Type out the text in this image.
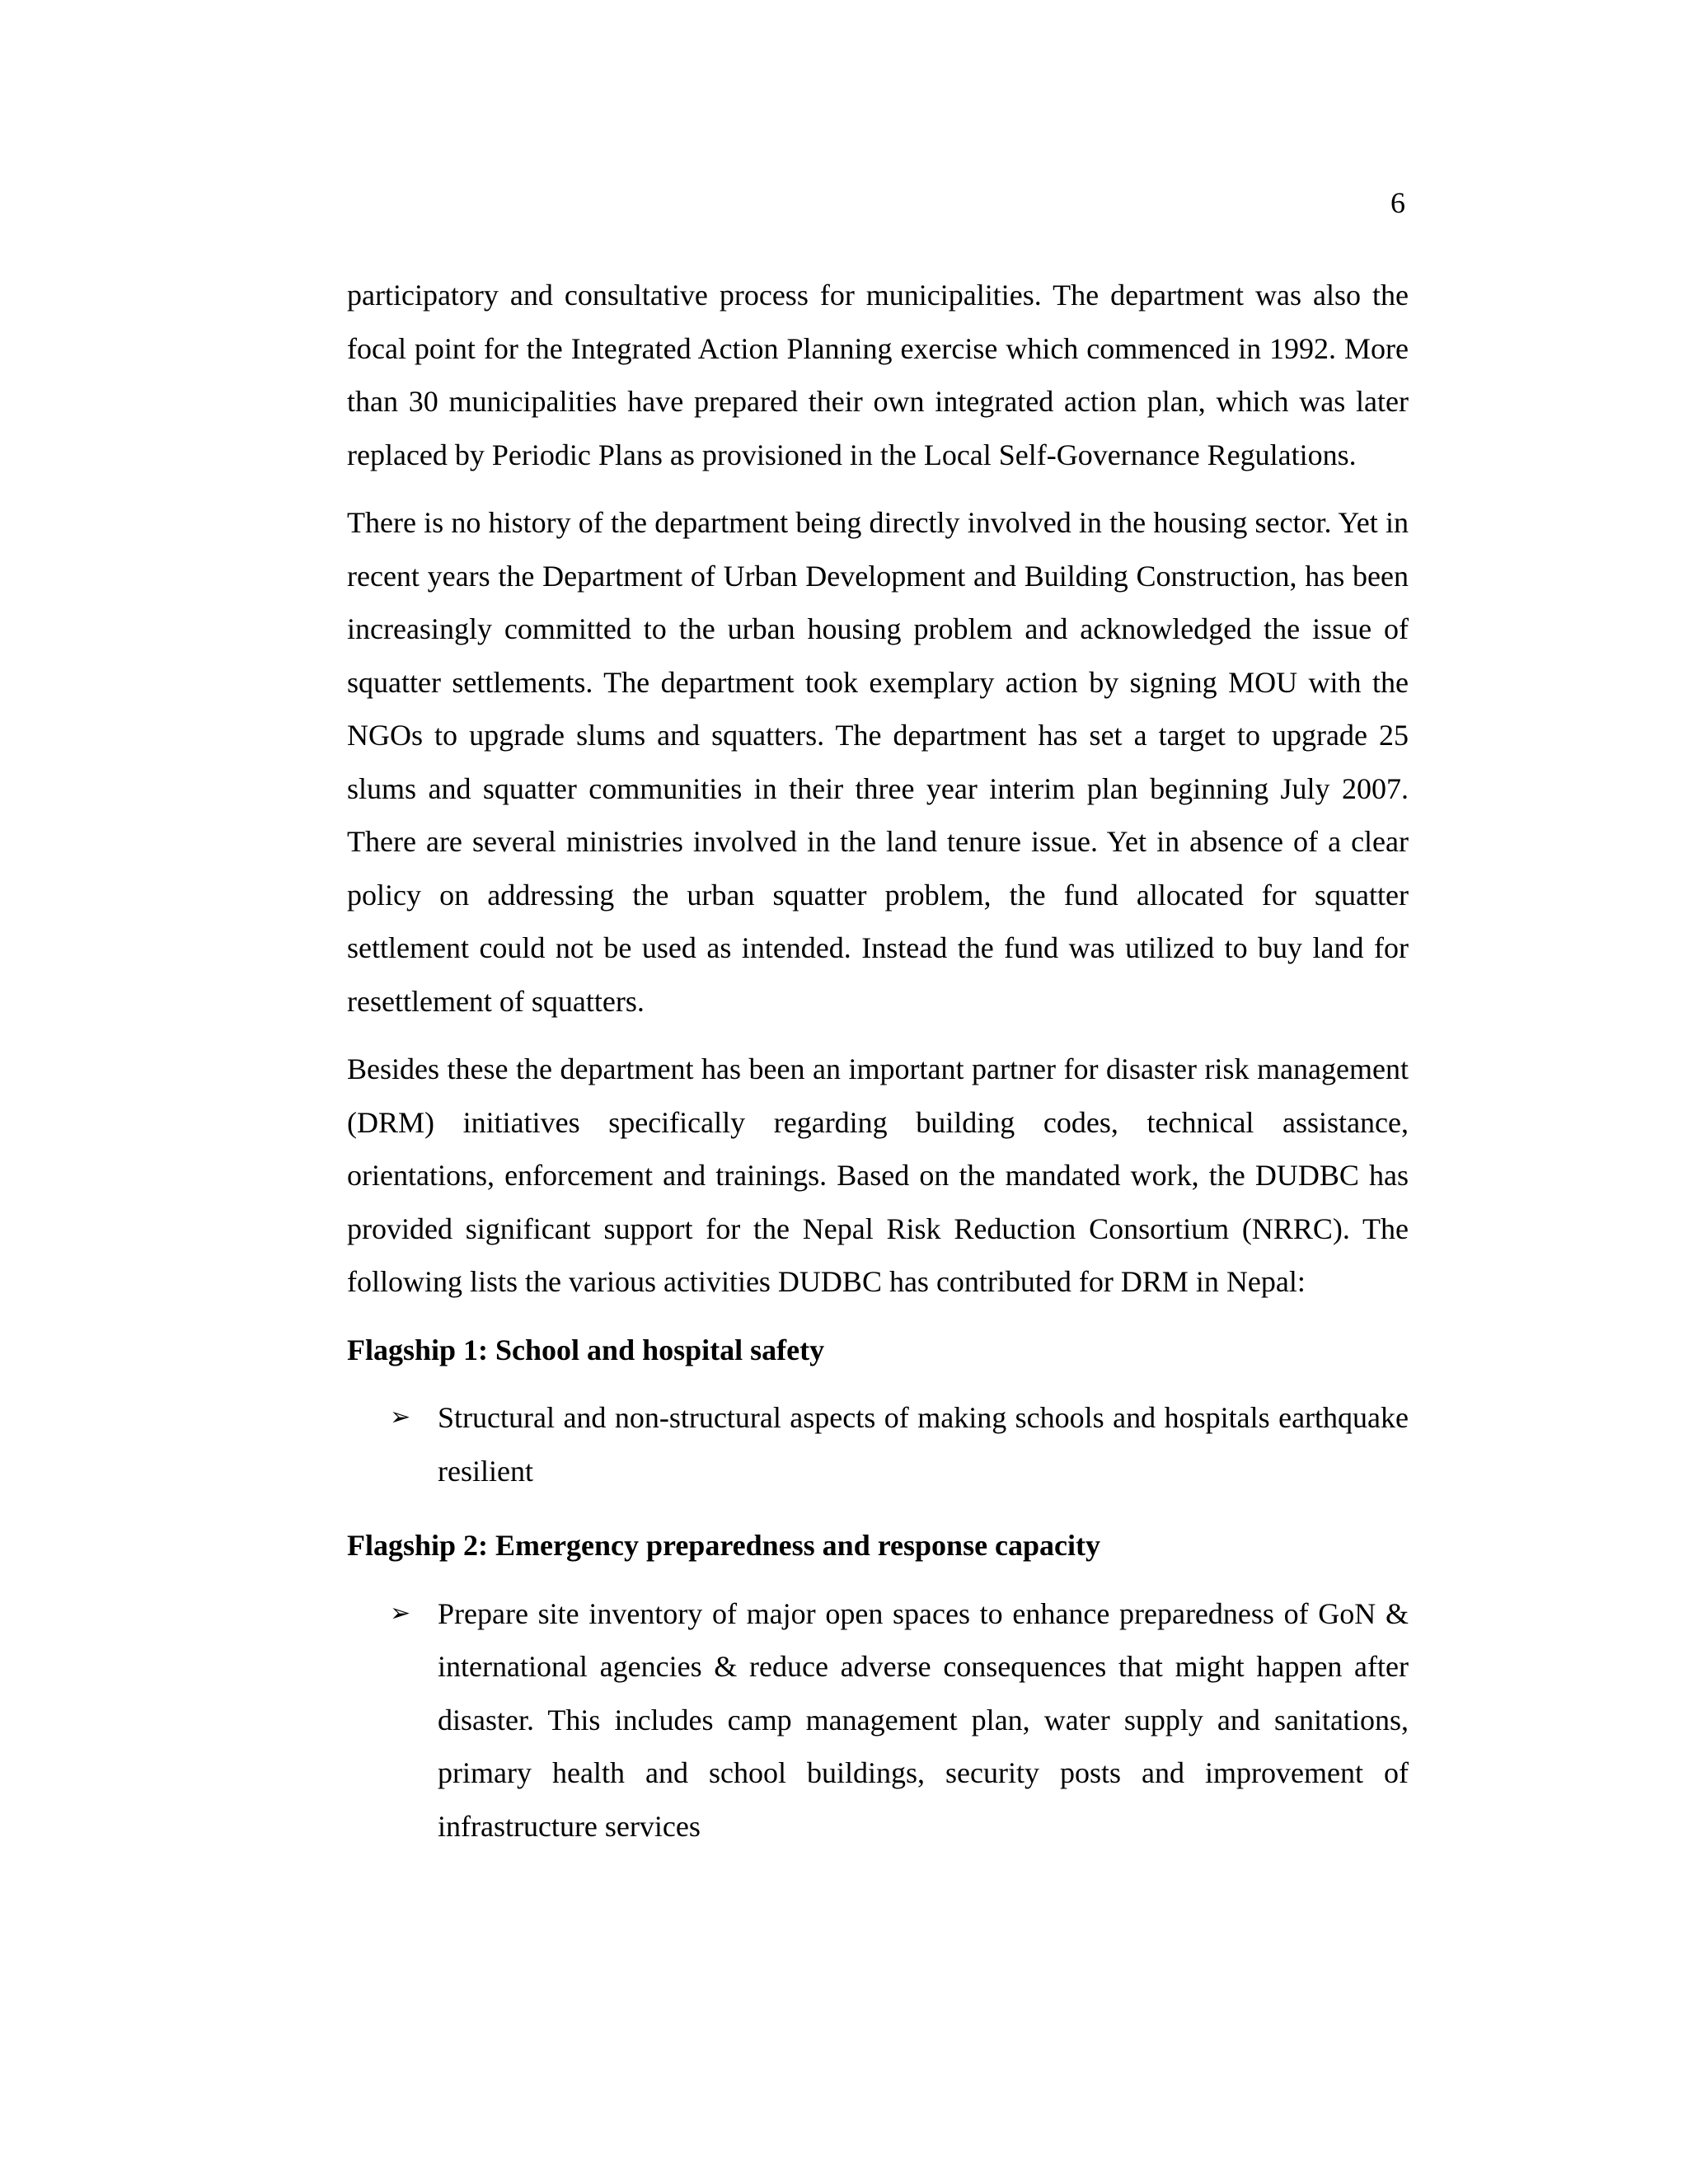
6

participatory and consultative process for municipalities. The department was also the focal point for the Integrated Action Planning exercise which commenced in 1992. More than 30 municipalities have prepared their own integrated action plan, which was later replaced by Periodic Plans as provisioned in the Local Self-Governance Regulations.

There is no history of the department being directly involved in the housing sector. Yet in recent years the Department of Urban Development and Building Construction, has been increasingly committed to the urban housing problem and acknowledged the issue of squatter settlements. The department took exemplary action by signing MOU with the NGOs to upgrade slums and squatters. The department has set a target to upgrade 25 slums and squatter communities in their three year interim plan beginning July 2007. There are several ministries involved in the land tenure issue. Yet in absence of a clear policy on addressing the urban squatter problem, the fund allocated for squatter settlement could not be used as intended. Instead the fund was utilized to buy land for resettlement of squatters.

Besides these the department has been an important partner for disaster risk management (DRM) initiatives specifically regarding building codes, technical assistance, orientations, enforcement and trainings. Based on the mandated work, the DUDBC has provided significant support for the Nepal Risk Reduction Consortium (NRRC). The following lists the various activities DUDBC has contributed for DRM in Nepal:

Flagship 1: School and hospital safety

➢ Structural and non-structural aspects of making schools and hospitals earthquake resilient

Flagship 2: Emergency preparedness and response capacity

➢ Prepare site inventory of major open spaces to enhance preparedness of GoN & international agencies & reduce adverse consequences that might happen after disaster. This includes camp management plan, water supply and sanitations, primary health and school buildings, security posts and improvement of infrastructure services
